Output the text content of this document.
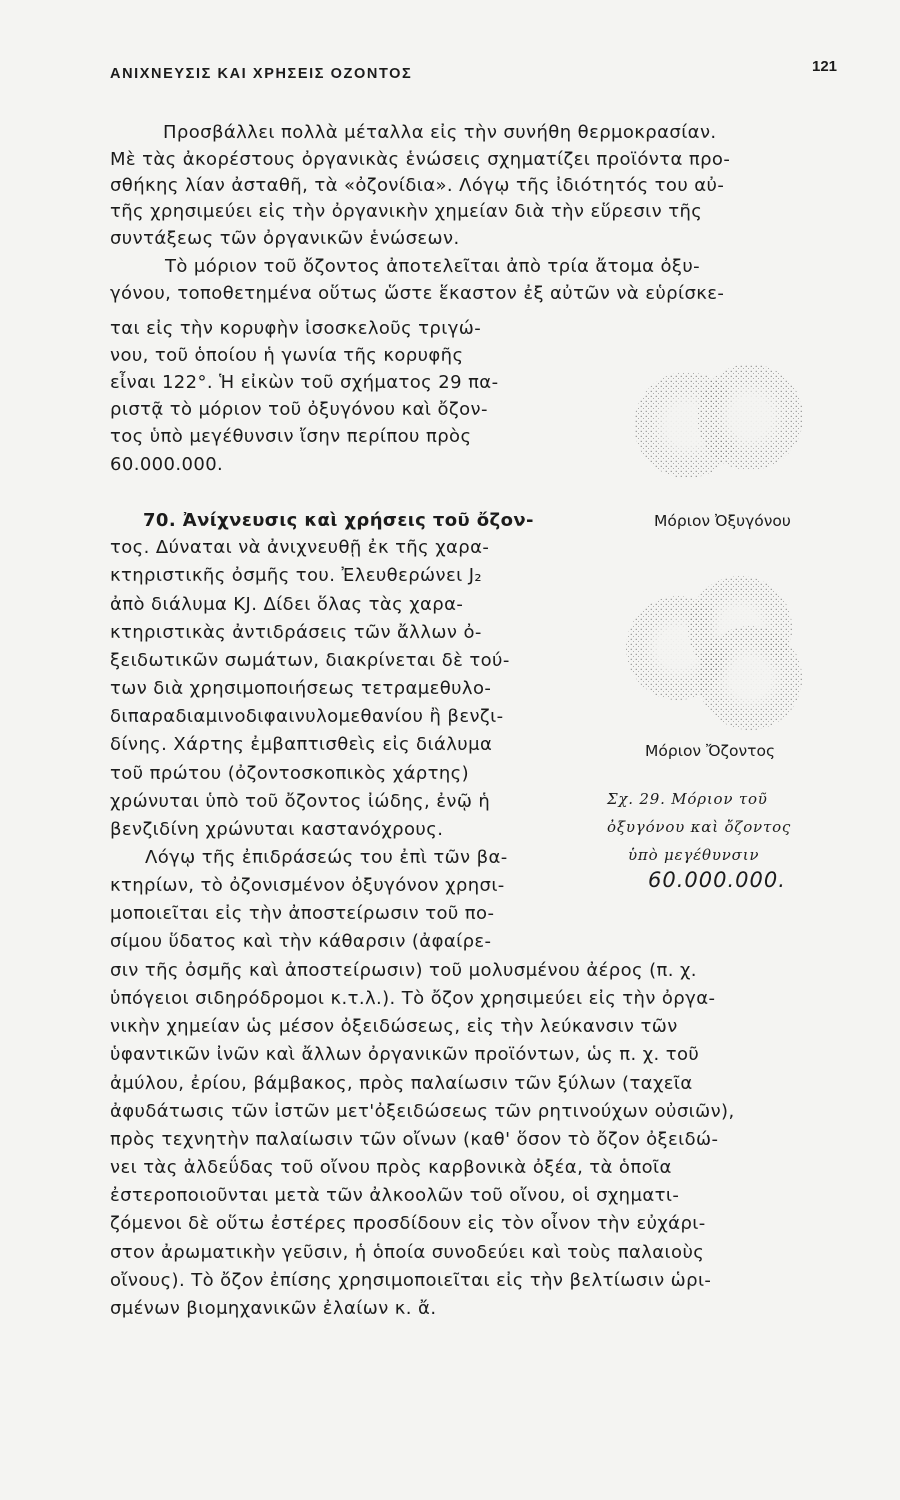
ΑΝΙΧΝΕΥΣΙΣ ΚΑΙ ΧΡΗΣΕΙΣ ΟΖΟΝΤΟΣ	121
Προσβάλλει πολλὰ μέταλλα εἰς τὴν συνήθη θερμοκρασίαν.
Μὲ τὰς ἀκορέστους ὀργανικὰς ἑνώσεις σχηματίζει προϊόντα προ-
σθήκης λίαν ἀσταθῆ, τὰ «ὀζονίδια». Λόγῳ τῆς ἰδιότητός του αὐ-
τῆς χρησιμεύει εἰς τὴν ὀργανικὴν χημείαν διὰ τὴν εὕρεσιν τῆς
συντάξεως τῶν ὀργανικῶν ἑνώσεων.
Τὸ μόριον τοῦ ὄζοντος ἀποτελεῖται ἀπὸ τρία ἄτομα ὀξυ-
γόνου, τοποθετημένα οὕτως ὥστε ἕκαστον ἐξ αὐτῶν νὰ εὑρίσκε-
ται εἰς τὴν κορυφὴν ἰσοσκελοῦς τριγώ-
νου, τοῦ ὁποίου ἡ γωνία τῆς κορυφῆς
εἶναι 122°. Ἡ εἰκὼν τοῦ σχήματος 29 πα-
ριστᾷ τὸ μόριον τοῦ ὀξυγόνου καὶ ὄζον-
τος ὑπὸ μεγέθυνσιν ἴσην περίπου πρὸς
60.000.000.
70. Ἀνίχνευσις καὶ χρήσεις τοῦ ὄζον-
τος. Δύναται νὰ ἀνιχνευθῇ ἐκ τῆς χαρα-
κτηριστικῆς ὀσμῆς του. Ἐλευθερώνει J₂
ἀπὸ διάλυμα KJ. Δίδει ὅλας τὰς χαρα-
κτηριστικὰς ἀντιδράσεις τῶν ἄλλων ὀ-
ξειδωτικῶν σωμάτων, διακρίνεται δὲ τού-
των διὰ χρησιμοποιήσεως τετραμεθυλο-
διπαραδιαμινοδιφαινυλομεθανίου ἢ βενζι-
δίνης. Χάρτης ἐμβαπτισθεὶς εἰς διάλυμα
τοῦ πρώτου (ὀζοντοσκοπικὸς χάρτης)
χρώνυται ὑπὸ τοῦ ὄζοντος ἰώδης, ἐνῷ ἡ
βενζιδίνη χρώνυται καστανόχρους.
Λόγῳ τῆς ἐπιδράσεώς του ἐπὶ τῶν βα-
κτηρίων, τὸ ὀζονισμένον ὀξυγόνον χρησι-
μοποιεῖται εἰς τὴν ἀποστείρωσιν τοῦ πο-
σίμου ὕδατος καὶ τὴν κάθαρσιν (ἀφαίρε-
σιν τῆς ὀσμῆς καὶ ἀποστείρωσιν) τοῦ μολυσμένου ἀέρος (π. χ.
ὑπόγειοι σιδηρόδρομοι κ.τ.λ.). Τὸ ὄζον χρησιμεύει εἰς τὴν ὀργα-
νικὴν χημείαν ὡς μέσον ὀξειδώσεως, εἰς τὴν λεύκανσιν τῶν
ὑφαντικῶν ἰνῶν καὶ ἄλλων ὀργανικῶν προϊόντων, ὡς π. χ. τοῦ
ἀμύλου, ἐρίου, βάμβακος, πρὸς παλαίωσιν τῶν ξύλων (ταχεῖα
ἀφυδάτωσις τῶν ἰστῶν μετ'ὀξειδώσεως τῶν ρητινούχων οὐσιῶν),
πρὸς τεχνητὴν παλαίωσιν τῶν οἴνων (καθ' ὅσον τὸ ὄζον ὀξειδώ-
νει τὰς ἀλδεΰδας τοῦ οἴνου πρὸς καρβονικὰ ὀξέα, τὰ ὁποῖα
ἐστεροποιοῦνται μετὰ τῶν ἀλκοολῶν τοῦ οἴνου, οἱ σχηματι-
ζόμενοι δὲ οὕτω ἐστέρες προσδίδουν εἰς τὸν οἶνον τὴν εὐχάρι-
στον ἀρωματικὴν γεῦσιν, ἡ ὁποία συνοδεύει καὶ τοὺς παλαιοὺς
οἴνους). Τὸ ὄζον ἐπίσης χρησιμοποιεῖται εἰς τὴν βελτίωσιν ὡρι-
σμένων βιομηχανικῶν ἐλαίων κ. ἄ.
Μόριον Ὀξυγόνου
Μόριον Ὄζοντος
Σχ. 29. Μόριον τοῦ
ὀξυγόνου καὶ ὄζοντος
ὑπὸ μεγέθυνσιν
60.000.000.
